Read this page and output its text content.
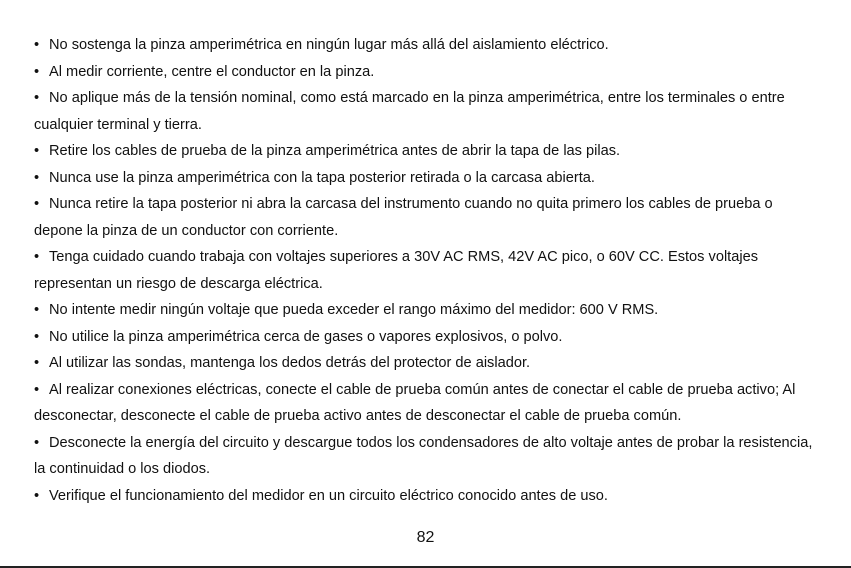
• No sostenga la pinza amperimétrica en ningún lugar más allá del aislamiento eléctrico.

• Al medir corriente, centre el conductor en la pinza.

• No aplique más de la tensión nominal, como está marcado en la pinza amperimétrica, entre los terminales o entre cualquier terminal y tierra.

• Retire los cables de prueba de la pinza amperimétrica antes de abrir la tapa de las pilas.

• Nunca use la pinza amperimétrica con la tapa posterior retirada o la carcasa abierta.

• Nunca retire la tapa posterior ni abra la carcasa del instrumento cuando no quita primero los cables de prueba o depone la pinza de un conductor con corriente.

• Tenga cuidado cuando trabaja con voltajes superiores a 30V AC RMS, 42V AC pico, o 60V CC. Estos voltajes representan un riesgo de descarga eléctrica.

• No intente medir ningún voltaje que pueda exceder el rango máximo del medidor: 600 V RMS.

• No utilice la pinza amperimétrica cerca de gases o vapores explosivos, o polvo.

• Al utilizar las sondas, mantenga los dedos detrás del protector de aislador.

• Al realizar conexiones eléctricas, conecte el cable de prueba común antes de conectar el cable de prueba activo; Al desconectar, desconecte el cable de prueba activo antes de desconectar el cable de prueba común.

• Desconecte la energía del circuito y descargue todos los condensadores de alto voltaje antes de probar la resistencia, la continuidad o los diodos.

• Verifique el funcionamiento del medidor en un circuito eléctrico conocido antes de uso.

82
